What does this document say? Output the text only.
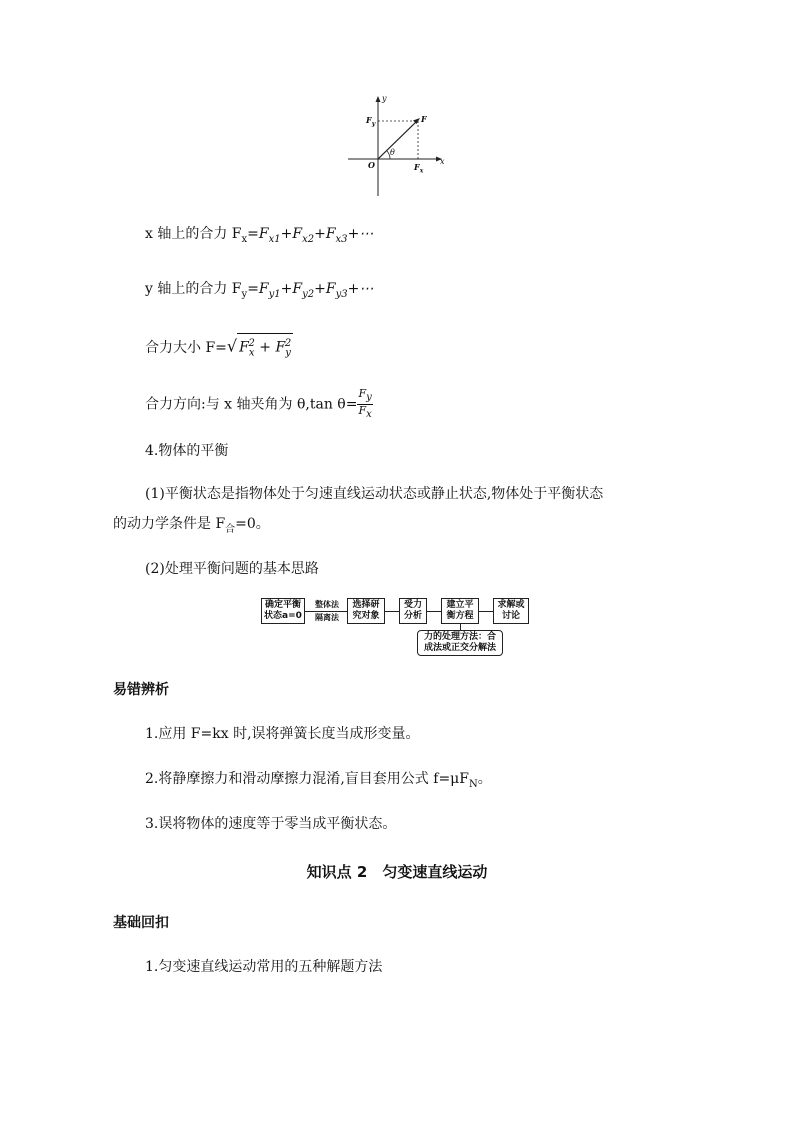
y
x
O
$F_y$
F
$F_x$
θ
x 轴上的合力 $F_x=F_{x1}+F_{x2}+F_{x3}+\cdots$
y 轴上的合力 $F_y=F_{y1}+F_{y2}+F_{y3}+\cdots$
合力大小 F=√ $F_x^2 + F_y^2$
合力方向:与 x 轴夹角为 θ,tan $\theta= \frac{F_y}{F_x}$
4.物体的平衡
(1)平衡状态是指物体处于匀速直线运动状态或静止状态,物体处于平衡状态
的动力学条件是 $F_合=0$。
(2)处理平衡问题的基本思路
确定平衡
状态a=0
整体法
隔离法
选择研
究对象
受力
分析
建立平
衡方程
求解或
讨论
力的处理方法：合
成法或正交分解法
易错辨析
1.应用 F=kx 时,误将弹簧长度当成形变量。
2.将静摩擦力和滑动摩擦力混淆,盲目套用公式 $f=\mu F_N$。
3.误将物体的速度等于零当成平衡状态。
知识点 2　匀变速直线运动
基础回扣
1.匀变速直线运动常用的五种解题方法
